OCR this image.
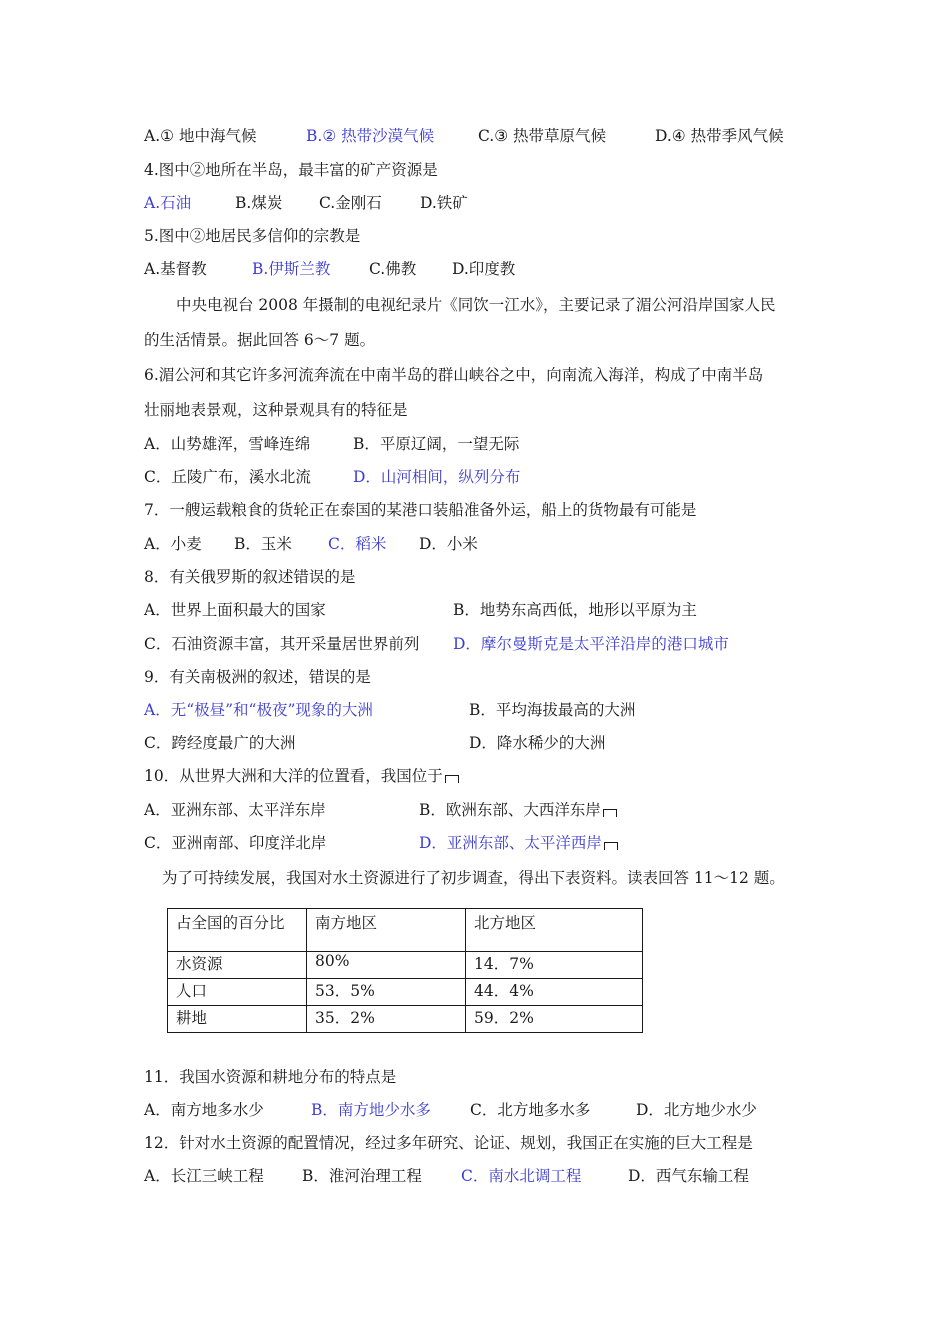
A.① 地中海气候	B.② 热带沙漠气候	C.③ 热带草原气候	D.④ 热带季风气候
4.图中②地所在半岛，最丰富的矿产资源是
A.石油	B.煤炭 C.金刚石 D.铁矿
5.图中②地居民多信仰的宗教是
A.基督教	B.伊斯兰教 C.佛教 D.印度教
中央电视台 2008 年摄制的电视纪录片《同饮一江水》，主要记录了湄公河沿岸国家人民
的生活情景。据此回答 6～7 题。
6.湄公河和其它许多河流奔流在中南半岛的群山峡谷之中，向南流入海洋，构成了中南半岛
壮丽地表景观，这种景观具有的特征是
A．山势雄浑，雪峰连绵	B．平原辽阔，一望无际
C．丘陵广布，溪水北流	D．山河相间，纵列分布
7．一艘运载粮食的货轮正在泰国的某港口装船准备外运，船上的货物最有可能是
A．小麦 B．玉米 C．稻米 D．小米
8．有关俄罗斯的叙述错误的是
A．世界上面积最大的国家	B．地势东高西低，地形以平原为主
C．石油资源丰富，其开采量居世界前列 D．摩尔曼斯克是太平洋沿岸的港口城市
9．有关南极洲的叙述，错误的是
A．无“极昼”和“极夜”现象的大洲	B．平均海拔最高的大洲
C．跨经度最广的大洲	D．降水稀少的大洲
10．从世界大洲和大洋的位置看，我国位于
A．亚洲东部、太平洋东岸	B．欧洲东部、大西洋东岸
C．亚洲南部、印度洋北岸	D．亚洲东部、太平洋西岸
为了可持续发展，我国对水土资源进行了初步调查，得出下表资料。读表回答 11～12 题。
占全国的百分比	南方地区	北方地区
水资源	80%	14．7%
人口	53．5%	44．4%
耕地	35．2%	59．2%
11．我国水资源和耕地分布的特点是
A．南方地多水少	B．南方地少水多	C．北方地多水多	D．北方地少水少
12．针对水土资源的配置情况，经过多年研究、论证、规划，我国正在实施的巨大工程是
A．长江三峡工程 B．淮河治理工程	C．南水北调工程	D．西气东输工程
